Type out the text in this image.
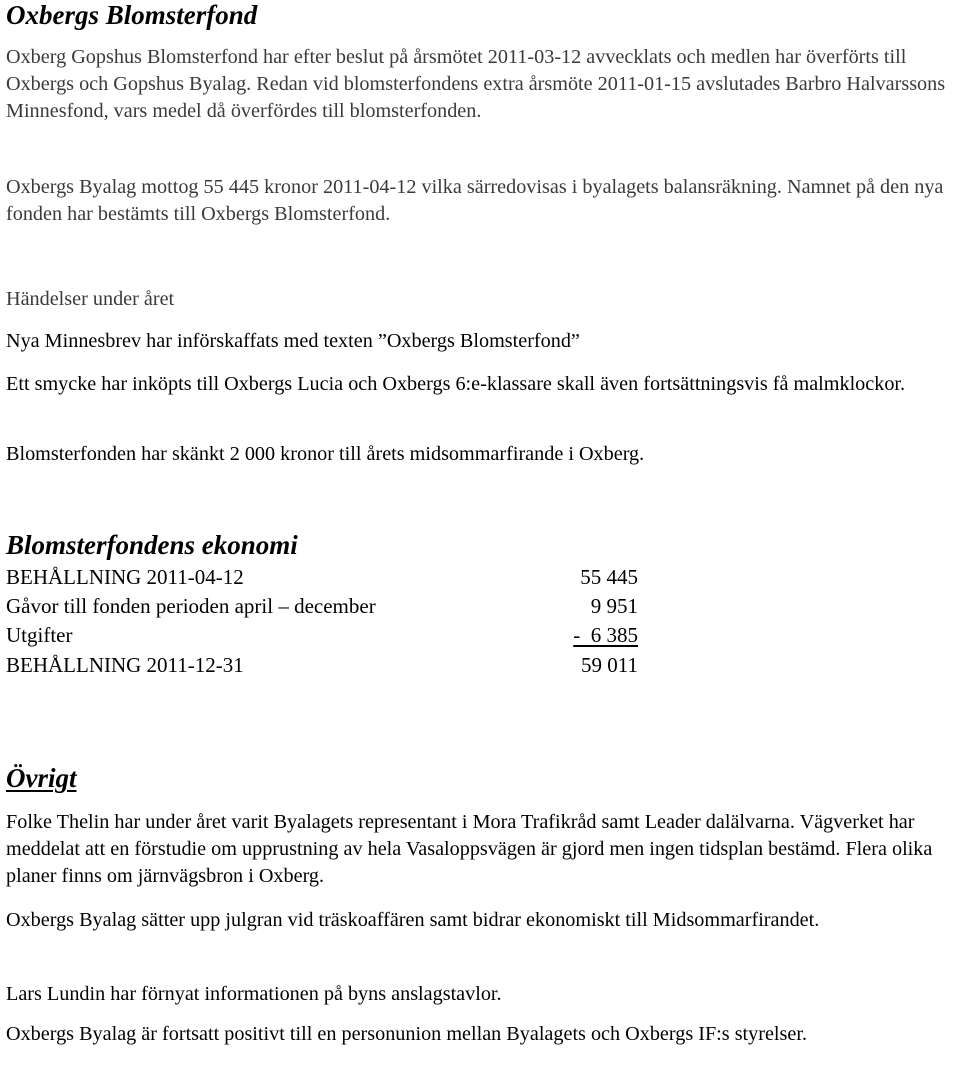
Oxbergs Blomsterfond
Oxberg Gopshus Blomsterfond har efter beslut på årsmötet 2011-03-12 avvecklats och medlen har överförts till Oxbergs och Gopshus Byalag. Redan vid blomsterfondens extra årsmöte 2011-01-15 avslutades Barbro Halvarssons Minnesfond, vars medel då överfördes till blomsterfonden.
Oxbergs Byalag mottog 55 445 kronor 2011-04-12 vilka särredovisas i byalagets balansräkning. Namnet på den nya fonden har bestämts till Oxbergs Blomsterfond.
Händelser under året
Nya Minnesbrev har införskaffats med texten ”Oxbergs Blomsterfond”
Ett smycke har inköpts till Oxbergs Lucia och Oxbergs 6:e-klassare skall även fortsättningsvis få malmklockor.
Blomsterfonden har skänkt 2 000 kronor till årets midsommarfirande i Oxberg.
Blomsterfondens ekonomi
BEHÅLLNING 2011-04-12	55 445
Gåvor till fonden perioden april – december	9 951
Utgifter	-  6 385
BEHÅLLNING 2011-12-31	59 011
Övrigt
Folke Thelin har under året varit Byalagets representant i Mora Trafikråd samt Leader dalälvarna. Vägverket har meddelat att en förstudie om upprustning av hela Vasaloppsvägen är gjord men ingen tidsplan bestämd. Flera olika planer finns om järnvägsbron i Oxberg.
Oxbergs Byalag sätter upp julgran vid träskoaffären samt bidrar ekonomiskt till Midsommarfirandet.
Lars Lundin har förnyat informationen på byns anslagstavlor.
Oxbergs Byalag är fortsatt positivt till en personunion mellan Byalagets och Oxbergs IF:s styrelser.
